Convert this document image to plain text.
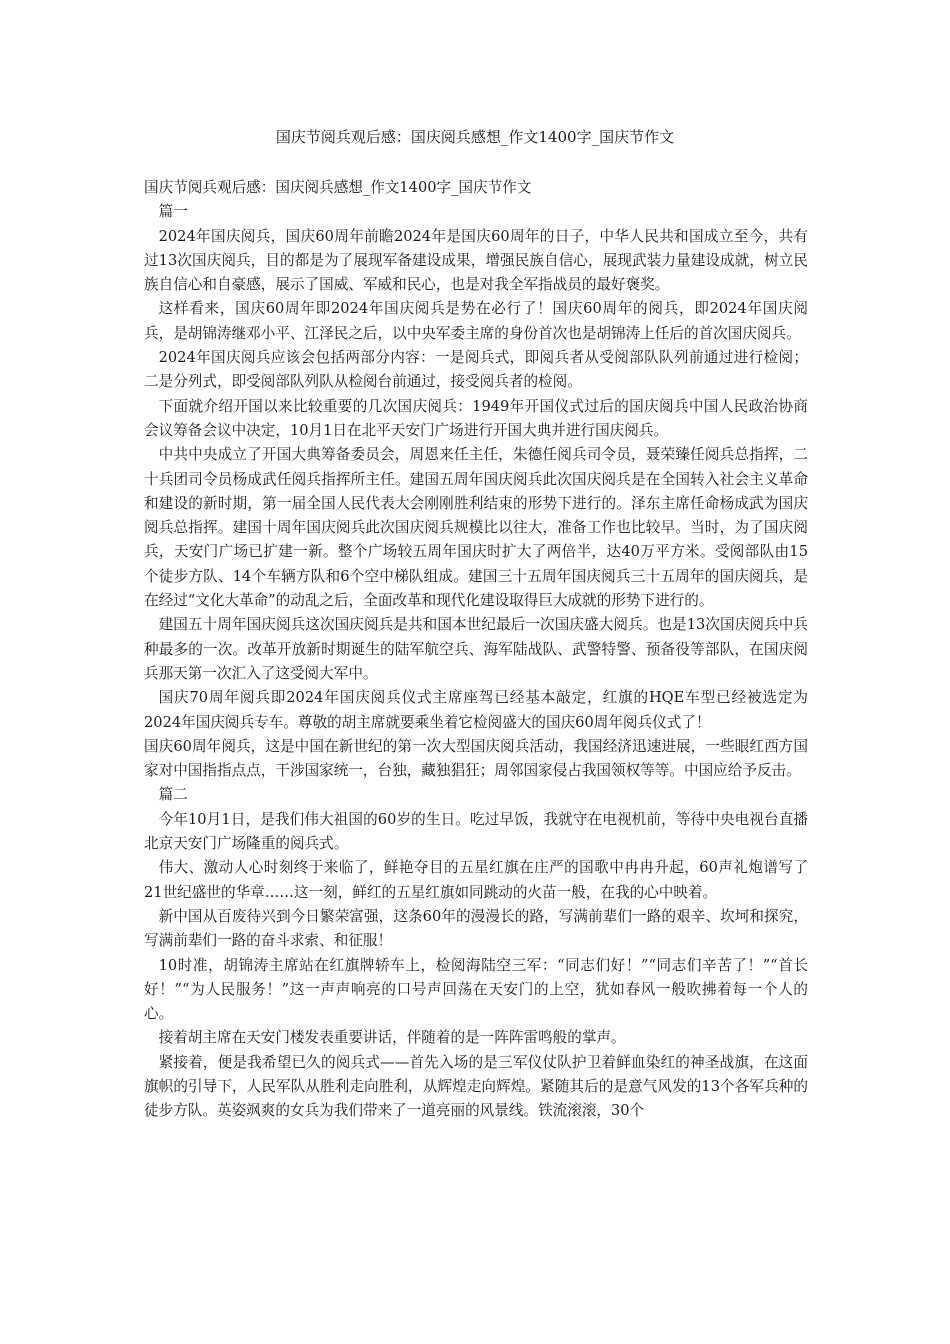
国庆节阅兵观后感：国庆阅兵感想_作文1400字_国庆节作文

国庆节阅兵观后感：国庆阅兵感想_作文1400字_国庆节作文

篇一

2024年国庆阅兵，国庆60周年前瞻2024年是国庆60周年的日子，中华人民共和国成立至今，共有过13次国庆阅兵，目的都是为了展现军备建设成果，增强民族自信心，展现武装力量建设成就，树立民族自信心和自豪感，展示了国威、军威和民心，也是对我全军指战员的最好褒奖。

这样看来，国庆60周年即2024年国庆阅兵是势在必行了！国庆60周年的阅兵，即2024年国庆阅兵，是胡锦涛继邓小平、江泽民之后，以中央军委主席的身份首次也是胡锦涛上任后的首次国庆阅兵。

2024年国庆阅兵应该会包括两部分内容：一是阅兵式，即阅兵者从受阅部队队列前通过进行检阅；二是分列式，即受阅部队列队从检阅台前通过，接受阅兵者的检阅。

下面就介绍开国以来比较重要的几次国庆阅兵：1949年开国仪式过后的国庆阅兵中国人民政治协商会议筹备会议中决定，10月1日在北平天安门广场进行开国大典并进行国庆阅兵。

中共中央成立了开国大典筹备委员会，周恩来任主任，朱德任阅兵司令员，聂荣臻任阅兵总指挥，二十兵团司令员杨成武任阅兵指挥所主任。建国五周年国庆阅兵此次国庆阅兵是在全国转入社会主义革命和建设的新时期，第一届全国人民代表大会刚刚胜利结束的形势下进行的。泽东主席任命杨成武为国庆阅兵总指挥。建国十周年国庆阅兵此次国庆阅兵规模比以往大，准备工作也比较早。当时，为了国庆阅兵，天安门广场已扩建一新。整个广场较五周年国庆时扩大了两倍半，达40万平方米。受阅部队由15个徒步方队、14个车辆方队和6个空中梯队组成。建国三十五周年国庆阅兵三十五周年的国庆阅兵，是在经过“文化大革命”的动乱之后，全面改革和现代化建设取得巨大成就的形势下进行的。

建国五十周年国庆阅兵这次国庆阅兵是共和国本世纪最后一次国庆盛大阅兵。也是13次国庆阅兵中兵种最多的一次。改革开放新时期诞生的陆军航空兵、海军陆战队、武警特警、预备役等部队，在国庆阅兵那天第一次汇入了这受阅大军中。

国庆70周年阅兵即2024年国庆阅兵仪式主席座驾已经基本敲定，红旗的HQE车型已经被选定为2024年国庆阅兵专车。尊敬的胡主席就要乘坐着它检阅盛大的国庆60周年阅兵仪式了！

国庆60周年阅兵，这是中国在新世纪的第一次大型国庆阅兵活动，我国经济迅速进展，一些眼红西方国家对中国指指点点，干涉国家统一，台独，藏独猖狂；周邻国家侵占我国领权等等。中国应给予反击。

篇二

今年10月1日，是我们伟大祖国的60岁的生日。吃过早饭，我就守在电视机前，等待中央电视台直播北京天安门广场隆重的阅兵式。

伟大、激动人心时刻终于来临了，鲜艳夺目的五星红旗在庄严的国歌中冉冉升起，60声礼炮谱写了21世纪盛世的华章……这一刻，鲜红的五星红旗如同跳动的火苗一般，在我的心中映着。

新中国从百废待兴到今日繁荣富强，这条60年的漫漫长的路，写满前辈们一路的艰辛、坎坷和探究，写满前辈们一路的奋斗求索、和征服！

10时准，胡锦涛主席站在红旗牌轿车上，检阅海陆空三军：“同志们好！”“同志们辛苦了！”“首长好！”“为人民服务！”这一声声响亮的口号声回荡在天安门的上空，犹如春风一般吹拂着每一个人的心。

接着胡主席在天安门楼发表重要讲话，伴随着的是一阵阵雷鸣般的掌声。

紧接着，便是我希望已久的阅兵式——首先入场的是三军仪仗队护卫着鲜血染红的神圣战旗，在这面旗帜的引导下，人民军队从胜利走向胜利，从辉煌走向辉煌。紧随其后的是意气风发的13个各军兵种的徒步方队。英姿飒爽的女兵为我们带来了一道亮丽的风景线。铁流滚滚，30个
